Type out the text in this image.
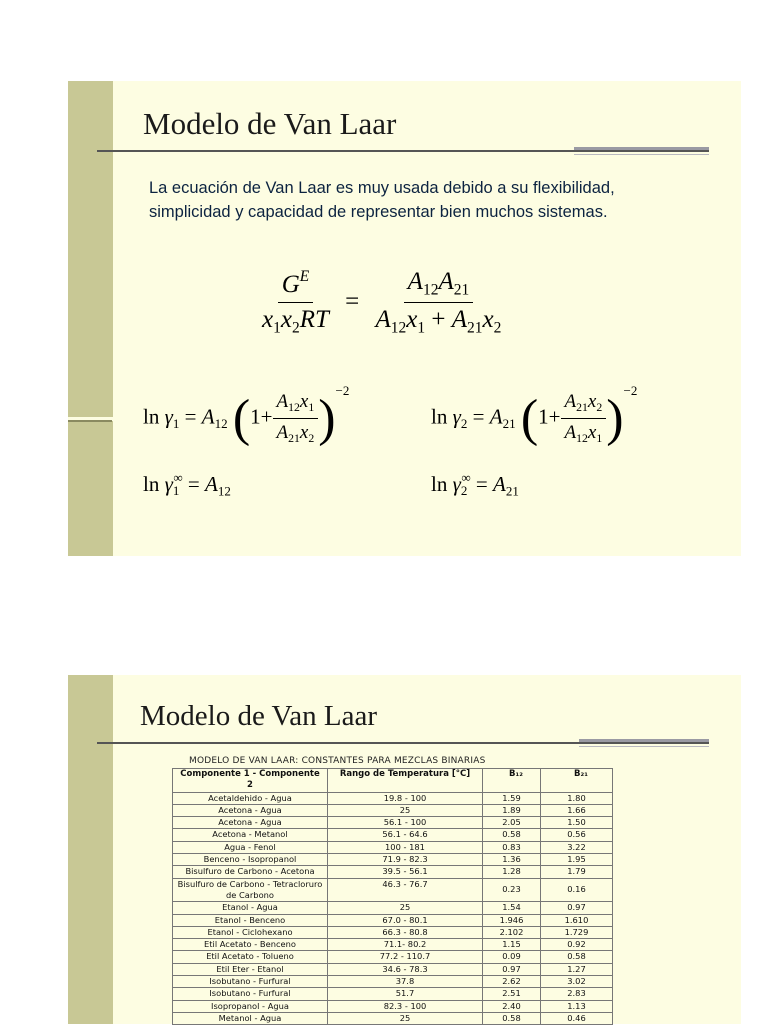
Modelo de Van Laar
La ecuación de Van Laar es muy usada debido a su flexibilidad, simplicidad y capacidad de representar bien muchos sistemas.
$\frac{G^E}{x_1x_2RT} = \frac{A_{12}A_{21}}{A_{12}x_1 + A_{21}x_2}$
$\ln \gamma_1 = A_{12}$ $(1+ \frac{A_{12}x_1}{A_{21}x_2} )^{-2}$
$\ln \gamma_2 = A_{21}$ $(1+ \frac{A_{21}x_2}{A_{12}x_1} )^{-2}$
$\ln \gamma_1^\infty = A_{12}$	$\ln \gamma_2^\infty = A_{21}$
Modelo de Van Laar
MODELO DE VAN LAAR: CONSTANTES PARA MEZCLAS BINARIAS
Componente 1 - Componente 2	Rango de Temperatura [°C]	B₁₂	B₂₁
Acetaldehido - Agua	19.8 - 100	1.59	1.80
Acetona - Agua	25	1.89	1.66
Acetona - Agua	56.1 - 100	2.05	1.50
Acetona - Metanol	56.1 - 64.6	0.58	0.56
Agua - Fenol	100 - 181	0.83	3.22
Benceno - Isopropanol	71.9 - 82.3	1.36	1.95
Bisulfuro de Carbono - Acetona	39.5 - 56.1	1.28	1.79
Bisulfuro de Carbono - Tetracloruro de Carbono	46.3 - 76.7	0.23	0.16
Etanol - Agua	25	1.54	0.97
Etanol - Benceno	67.0 - 80.1	1.946	1.610
Etanol - Ciclohexano	66.3 - 80.8	2.102	1.729
Etil Acetato - Benceno	71.1- 80.2	1.15	0.92
Etil Acetato - Tolueno	77.2 - 110.7	0.09	0.58
Etil Eter - Etanol	34.6 - 78.3	0.97	1.27
Isobutano - Furfural	37.8	2.62	3.02
Isobutano - Furfural	51.7	2.51	2.83
Isopropanol - Agua	82.3 - 100	2.40	1.13
Metanol - Agua	25	0.58	0.46
